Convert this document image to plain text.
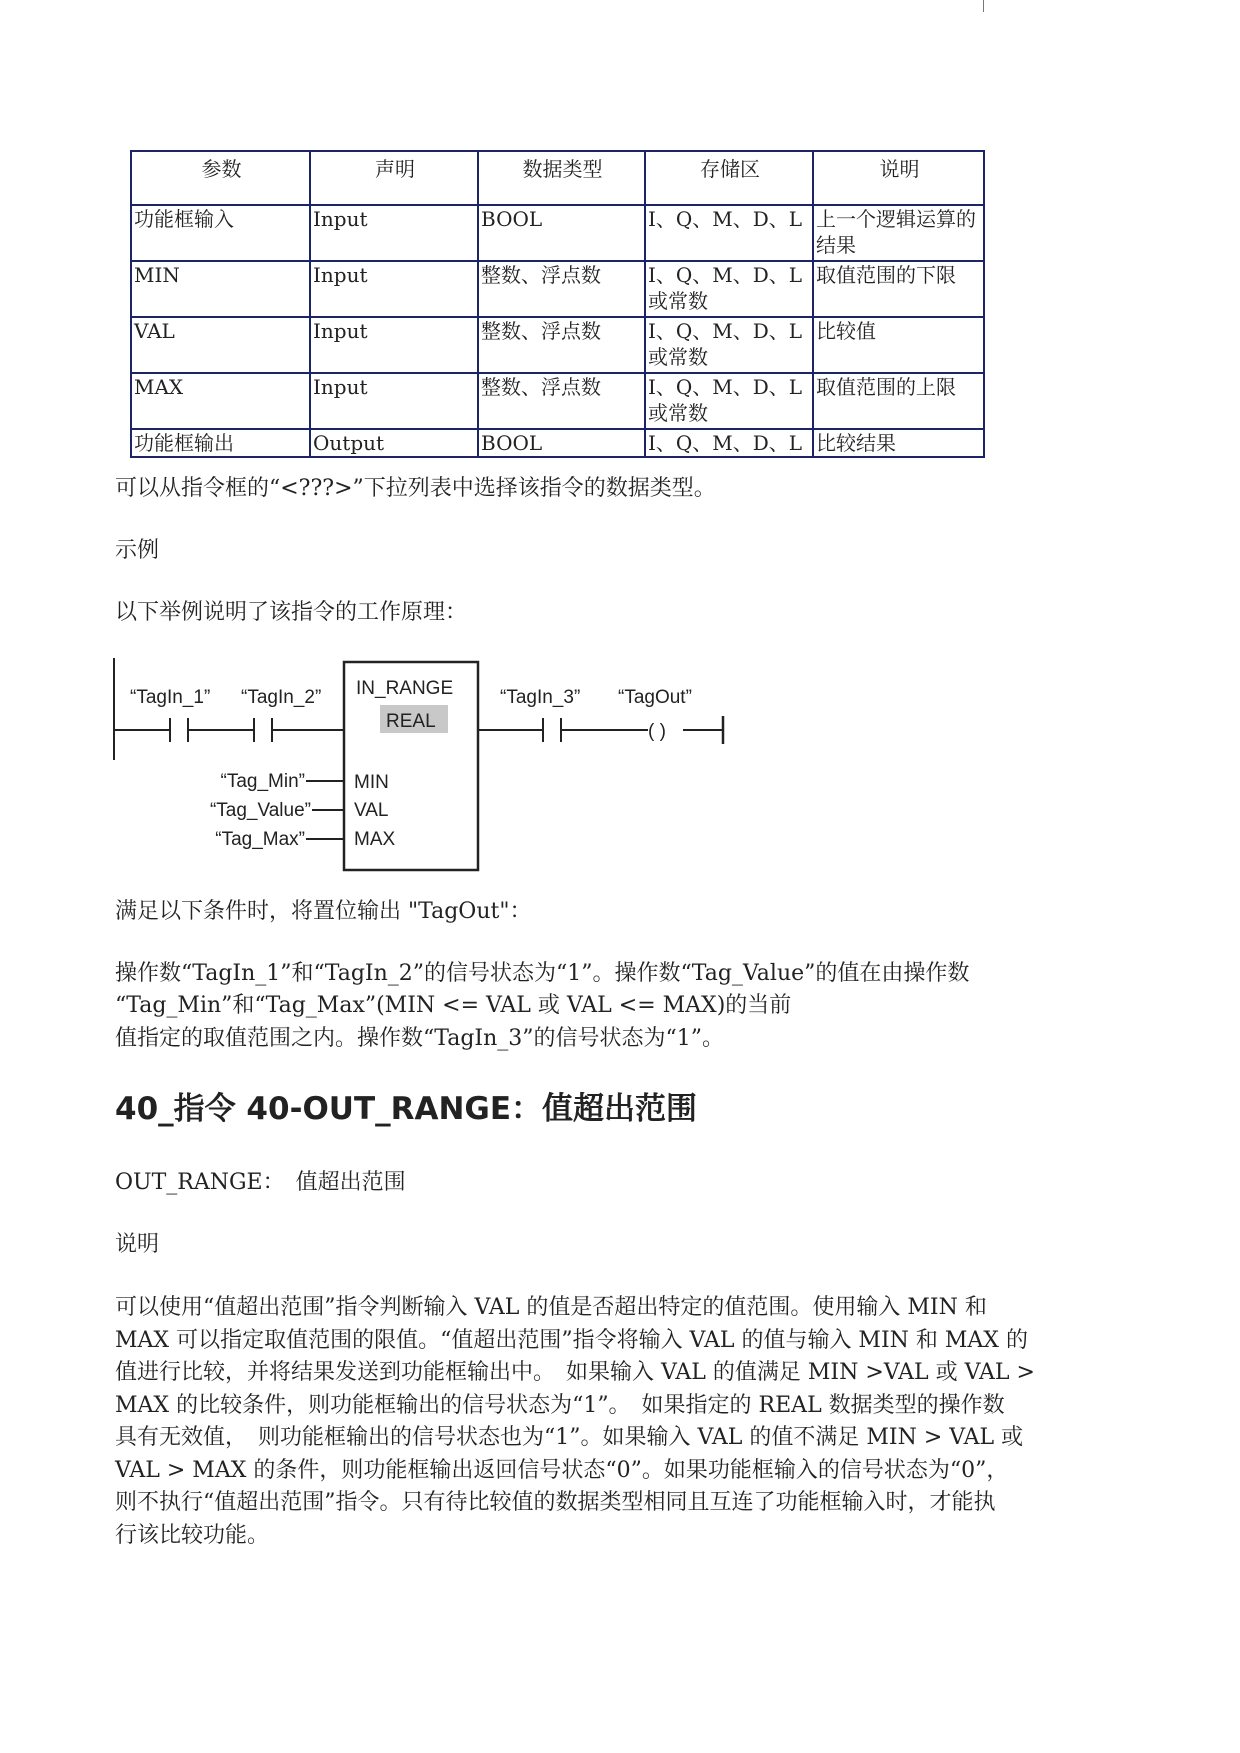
参数	声明	数据类型	存储区	说明
功能框输入	Input	BOOL	I、Q、M、D、L	上一个逻辑运算的结果
MIN	Input	整数、浮点数	I、Q、M、D、L 或常数	取值范围的下限
VAL	Input	整数、浮点数	I、Q、M、D、L 或常数	比较值
MAX	Input	整数、浮点数	I、Q、M、D、L 或常数	取值范围的上限
功能框输出	Output	BOOL	I、Q、M、D、L	比较结果
可以从指令框的“<???>”下拉列表中选择该指令的数据类型。
示例
以下举例说明了该指令的工作原理：
“TagIn_1” “TagIn_2” IN_RANGE
REAL
“Tag_Min”
“Tag_Value”
“Tag_Max”
MIN
VAL
MAX
“TagIn_3” “TagOut”
( )
满足以下条件时，将置位输出 "TagOut"：
操作数“TagIn_1”和“TagIn_2”的信号状态为“1”。操作数“Tag_Value”的值在由操作数
“Tag_Min”和“Tag_Max”(MIN <= VAL 或 VAL <= MAX)的当前
值指定的取值范围之内。操作数“TagIn_3”的信号状态为“1”。
40_指令 40-OUT_RANGE：值超出范围
OUT_RANGE：　值超出范围
说明
可以使用“值超出范围”指令判断输入 VAL 的值是否超出特定的值范围。使用输入 MIN 和
MAX 可以指定取值范围的限值。“值超出范围”指令将输入 VAL 的值与输入 MIN 和 MAX 的
值进行比较，并将结果发送到功能框输出中。　如果输入 VAL 的值满足 MIN >VAL 或 VAL >
MAX 的比较条件，则功能框输出的信号状态为“1”。　如果指定的 REAL 数据类型的操作数
具有无效值，　则功能框输出的信号状态也为“1”。如果输入 VAL 的值不满足 MIN > VAL 或
VAL > MAX 的条件，则功能框输出返回信号状态“0”。如果功能框输入的信号状态为“0”，
则不执行“值超出范围”指令。只有待比较值的数据类型相同且互连了功能框输入时，才能执
行该比较功能。
